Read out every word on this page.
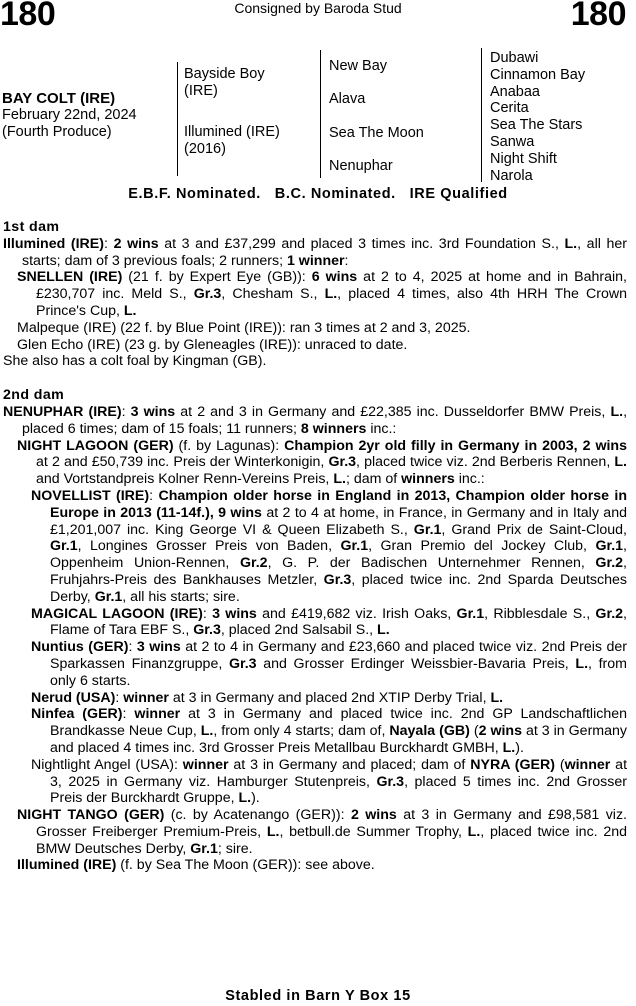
180	Consigned by Baroda Stud	180
BAY COLT (IRE)
February 22nd, 2024
(Fourth Produce)
Bayside Boy
(IRE)
Illumined (IRE)
(2016)
New Bay
Alava
Sea The Moon
Nenuphar
Dubawi
Cinnamon Bay
Anabaa
Cerita
Sea The Stars
Sanwa
Night Shift
Narola
E.B.F. Nominated.   B.C. Nominated.   IRE Qualified

1st dam

Illumined (IRE): 2 wins at 3 and £37,299 and placed 3 times inc. 3rd Foundation S., L., all her starts; dam of 3 previous foals; 2 runners; 1 winner:

SNELLEN (IRE) (21 f. by Expert Eye (GB)): 6 wins at 2 to 4, 2025 at home and in Bahrain, £230,707 inc. Meld S., Gr.3, Chesham S., L., placed 4 times, also 4th HRH The Crown Prince's Cup, L.

Malpeque (IRE) (22 f. by Blue Point (IRE)): ran 3 times at 2 and 3, 2025.

Glen Echo (IRE) (23 g. by Gleneagles (IRE)): unraced to date.

She also has a colt foal by Kingman (GB).

2nd dam

NENUPHAR (IRE): 3 wins at 2 and 3 in Germany and £22,385 inc. Dusseldorfer BMW Preis, L., placed 6 times; dam of 15 foals; 11 runners; 8 winners inc.:

NIGHT LAGOON (GER) (f. by Lagunas): Champion 2yr old filly in Germany in 2003, 2 wins at 2 and £50,739 inc. Preis der Winterkonigin, Gr.3, placed twice viz. 2nd Berberis Rennen, L. and Vortstandpreis Kolner Renn-Vereins Preis, L.; dam of winners inc.:

NOVELLIST (IRE): Champion older horse in England in 2013, Champion older horse in Europe in 2013 (11-14f.), 9 wins at 2 to 4 at home, in France, in Germany and in Italy and £1,201,007 inc. King George VI & Queen Elizabeth S., Gr.1, Grand Prix de Saint-Cloud, Gr.1, Longines Grosser Preis von Baden, Gr.1, Gran Premio del Jockey Club, Gr.1, Oppenheim Union-Rennen, Gr.2, G. P. der Badischen Unternehmer Rennen, Gr.2, Fruhjahrs-Preis des Bankhauses Metzler, Gr.3, placed twice inc. 2nd Sparda Deutsches Derby, Gr.1, all his starts; sire.

MAGICAL LAGOON (IRE): 3 wins and £419,682 viz. Irish Oaks, Gr.1, Ribblesdale S., Gr.2, Flame of Tara EBF S., Gr.3, placed 2nd Salsabil S., L.

Nuntius (GER): 3 wins at 2 to 4 in Germany and £23,660 and placed twice viz. 2nd Preis der Sparkassen Finanzgruppe, Gr.3 and Grosser Erdinger Weissbier-Bavaria Preis, L., from only 6 starts.

Nerud (USA): winner at 3 in Germany and placed 2nd XTIP Derby Trial, L.

Ninfea (GER): winner at 3 in Germany and placed twice inc. 2nd GP Landschaftlichen Brandkasse Neue Cup, L., from only 4 starts; dam of, Nayala (GB) (2 wins at 3 in Germany and placed 4 times inc. 3rd Grosser Preis Metallbau Burckhardt GMBH, L.).

Nightlight Angel (USA): winner at 3 in Germany and placed; dam of NYRA (GER) (winner at 3, 2025 in Germany viz. Hamburger Stutenpreis, Gr.3, placed 5 times inc. 2nd Grosser Preis der Burckhardt Gruppe, L.).

NIGHT TANGO (GER) (c. by Acatenango (GER)): 2 wins at 3 in Germany and £98,581 viz. Grosser Freiberger Premium-Preis, L., betbull.de Summer Trophy, L., placed twice inc. 2nd BMW Deutsches Derby, Gr.1; sire.

Illumined (IRE) (f. by Sea The Moon (GER)): see above.

Stabled in Barn Y Box 15
